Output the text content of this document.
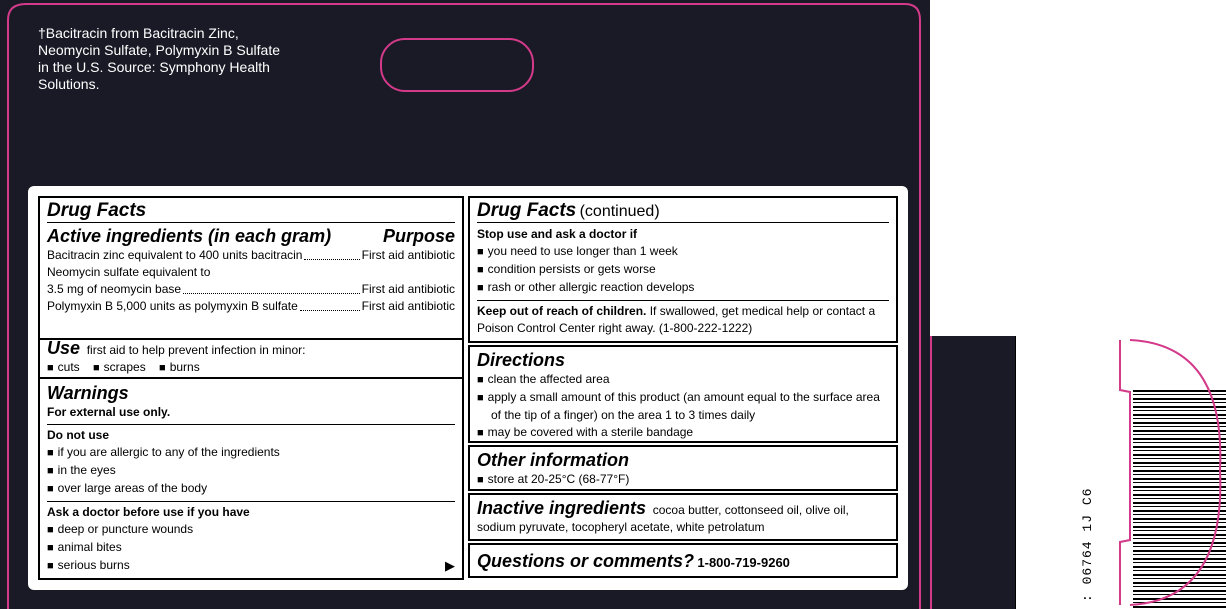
: 06764 1J C6
†Bacitracin from Bacitracin Zinc,
Neomycin Sulfate, Polymyxin B Sulfate
in the U.S. Source: Symphony Health
Solutions.
Drug Facts
Active ingredients (in each gram)	Purpose
Bacitracin zinc equivalent to 400 units bacitracin	First aid antibiotic
Neomycin sulfate equivalent to
3.5 mg of neomycin base	First aid antibiotic
Polymyxin B 5,000 units as polymyxin B sulfate	First aid antibiotic
Use first aid to help prevent infection in minor:
■ cuts ■ scrapes ■ burns
Warnings
For external use only.
Do not use
■ if you are allergic to any of the ingredients
■ in the eyes
■ over large areas of the body
Ask a doctor before use if you have
■ deep or puncture wounds
■ animal bites
■ serious burns	▶
Drug Facts (continued)
Stop use and ask a doctor if
■ you need to use longer than 1 week
■ condition persists or gets worse
■ rash or other allergic reaction develops
Keep out of reach of children. If swallowed, get medical help or contact a Poison Control Center right away. (1-800-222-1222)
Directions
■ clean the affected area
■ apply a small amount of this product (an amount equal to the surface area of the tip of a finger) on the area 1 to 3 times daily
■ may be covered with a sterile bandage
Other information
■ store at 20-25°C (68-77°F)
Inactive ingredients cocoa butter, cottonseed oil, olive oil, sodium pyruvate, tocopheryl acetate, white petrolatum
Questions or comments? 1-800-719-9260
